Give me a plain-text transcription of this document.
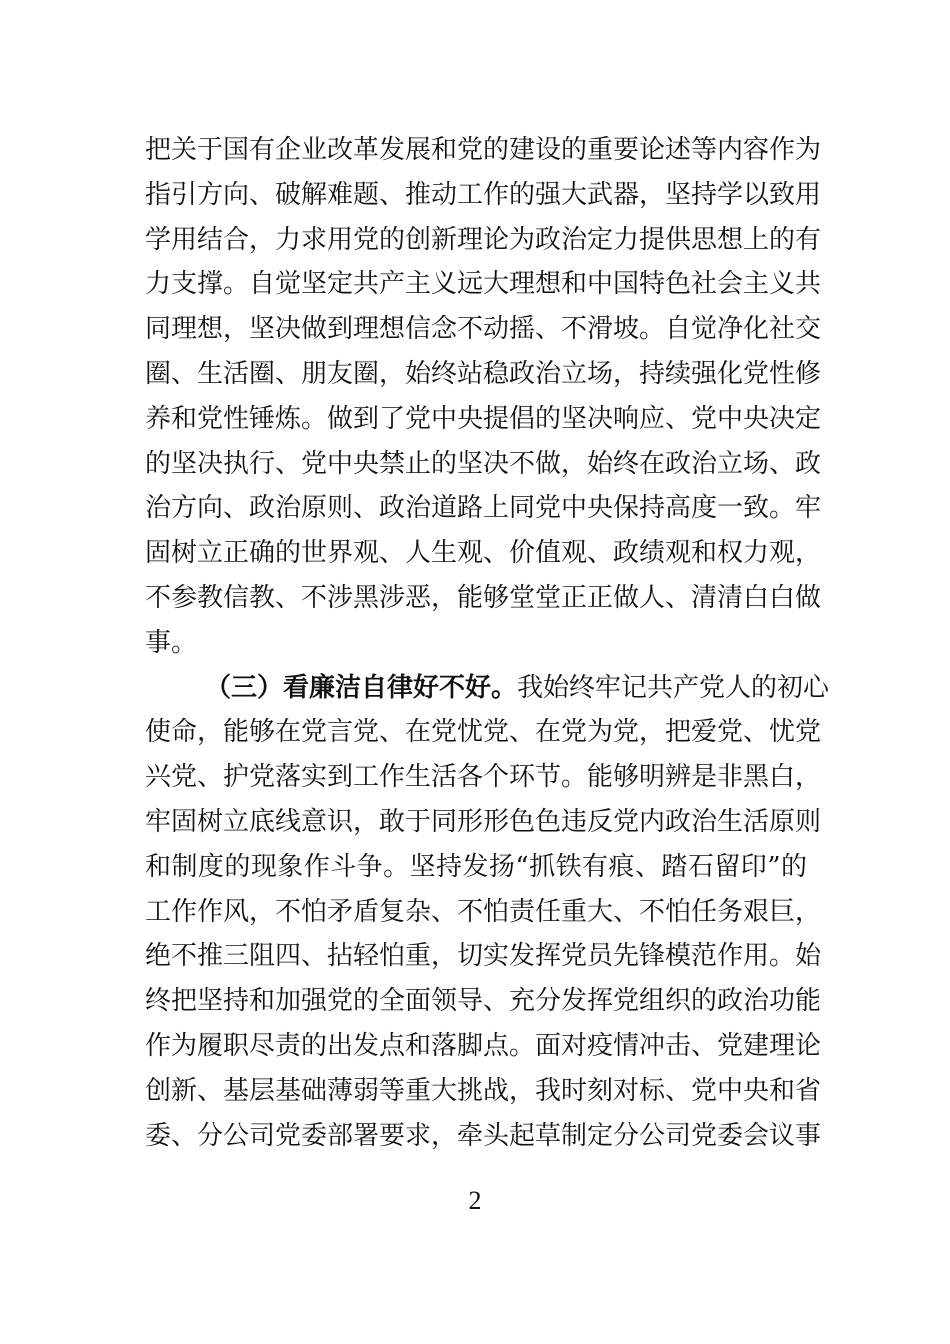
把关于国有企业改革发展和党的建设的重要论述等内容作为
指引方向、破解难题、推动工作的强大武器，坚持学以致用
学用结合，力求用党的创新理论为政治定力提供思想上的有
力支撑。自觉坚定共产主义远大理想和中国特色社会主义共
同理想，坚决做到理想信念不动摇、不滑坡。自觉净化社交
圈、生活圈、朋友圈，始终站稳政治立场，持续强化党性修
养和党性锤炼。做到了党中央提倡的坚决响应、党中央决定
的坚决执行、党中央禁止的坚决不做，始终在政治立场、政
治方向、政治原则、政治道路上同党中央保持高度一致。牢
固树立正确的世界观、人生观、价值观、政绩观和权力观，
不参教信教、不涉黑涉恶，能够堂堂正正做人、清清白白做
事。
（三）看廉洁自律好不好。我始终牢记共产党人的初心
使命，能够在党言党、在党忧党、在党为党，把爱党、忧党
兴党、护党落实到工作生活各个环节。能够明辨是非黑白，
牢固树立底线意识，敢于同形形色色违反党内政治生活原则
和制度的现象作斗争。坚持发扬“抓铁有痕、踏石留印”的
工作作风，不怕矛盾复杂、不怕责任重大、不怕任务艰巨，
绝不推三阻四、拈轻怕重，切实发挥党员先锋模范作用。始
终把坚持和加强党的全面领导、充分发挥党组织的政治功能
作为履职尽责的出发点和落脚点。面对疫情冲击、党建理论
创新、基层基础薄弱等重大挑战，我时刻对标、党中央和省
委、分公司党委部署要求，牵头起草制定分公司党委会议事
2
